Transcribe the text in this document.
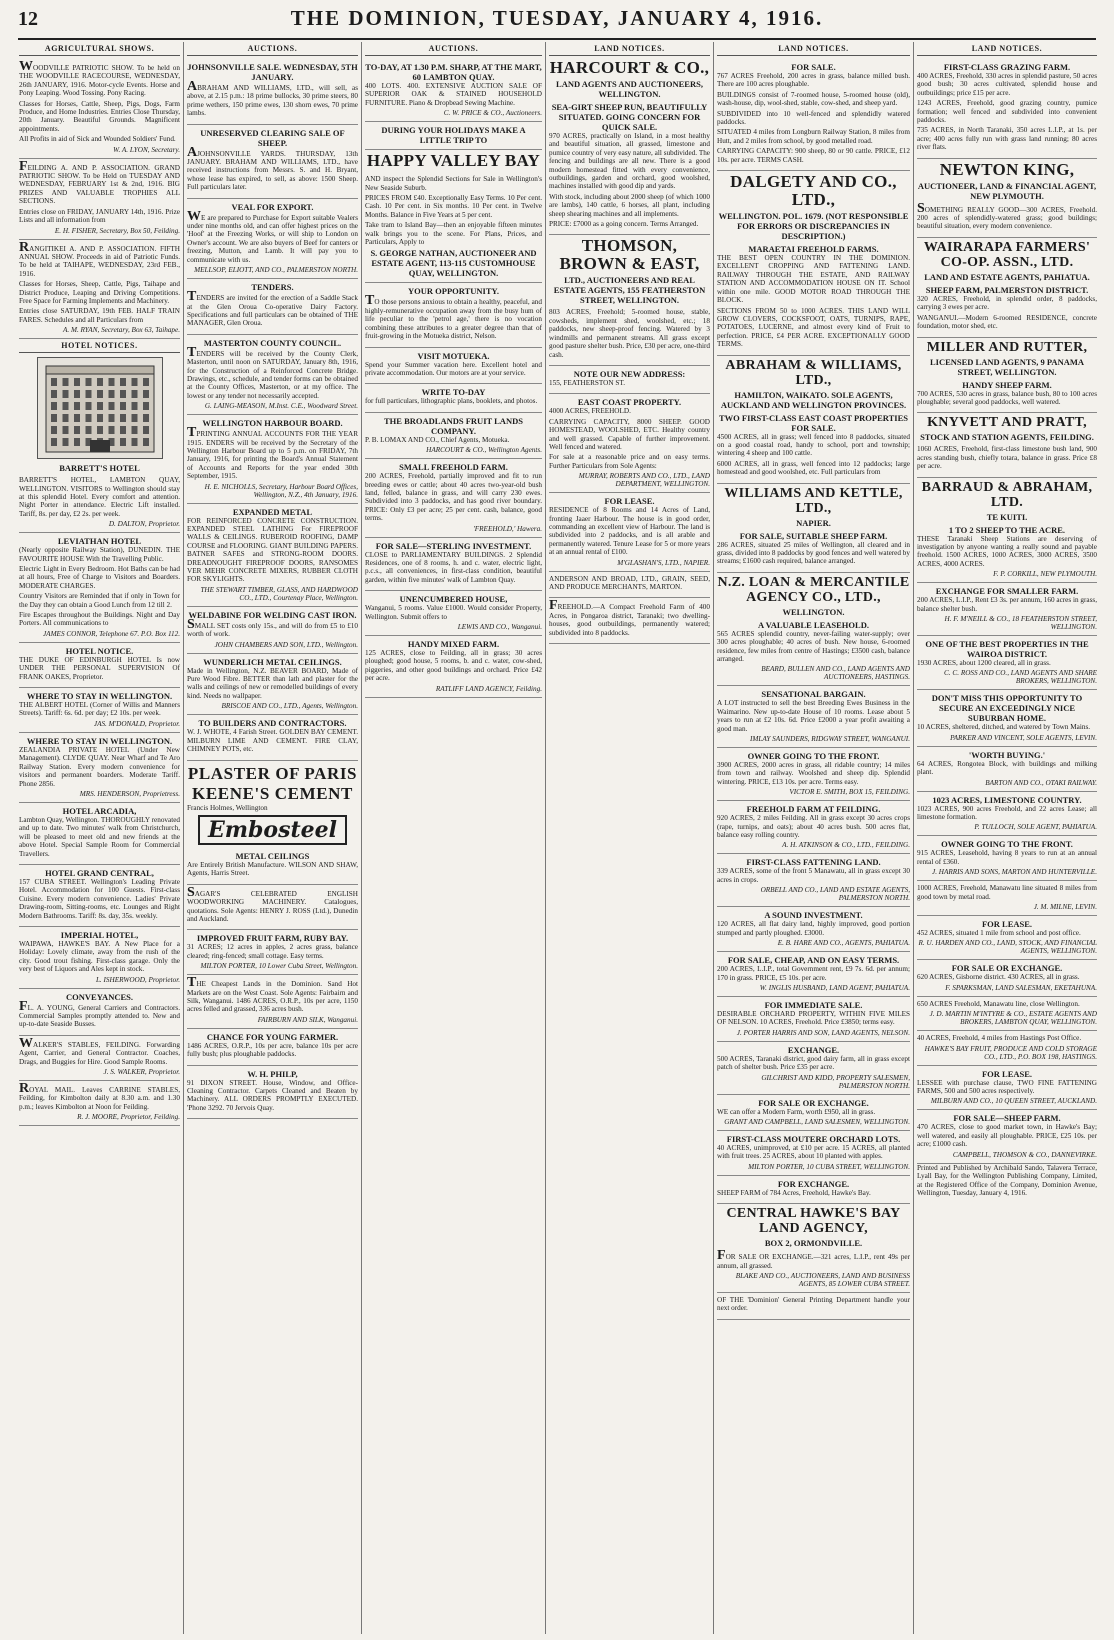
12	THE DOMINION, TUESDAY, JANUARY 4, 1916.
AGRICULTURAL SHOWS.

WOODVILLE PATRIOTIC SHOW. To be held on THE WOODVILLE RACECOURSE, WEDNESDAY, 26th JANUARY, 1916. Motor-cycle Events. Horse and Pony Leaping. Wood Tossing. Pony Racing.

Classes for Horses, Cattle, Sheep, Pigs, Dogs, Farm Produce, and Home Industries. Entries Close Thursday, 20th January. Beautiful Grounds. Magnificent appointments.

All Profits in aid of Sick and Wounded Soldiers' Fund.

W. A. LYON, Secretary.

FEILDING A. AND P. ASSOCIATION. GRAND PATRIOTIC SHOW. To be Held on TUESDAY AND WEDNESDAY, FEBRUARY 1st & 2nd, 1916. BIG PRIZES AND VALUABLE TROPHIES ALL SECTIONS.

Entries close on FRIDAY, JANUARY 14th, 1916. Prize Lists and all information from

E. H. FISHER, Secretary, Box 50, Feilding.

RANGITIKEI A. AND P. ASSOCIATION. FIFTH ANNUAL SHOW. Proceeds in aid of Patriotic Funds. To be held at TAIHAPE, WEDNESDAY, 23rd FEB., 1916.

Classes for Horses, Sheep, Cattle, Pigs, Taihape and District Produce, Leaping and Driving Competitions. Free Space for Farming Implements and Machinery.

Entries close SATURDAY, 19th FEB. HALF TRAIN FARES. Schedules and all Particulars from

A. M. RYAN, Secretary, Box 63, Taihape.
HOTEL NOTICES.
BARRETT'S HOTEL

BARRETT'S HOTEL, LAMBTON QUAY, WELLINGTON. VISITORS to Wellington should stay at this splendid Hotel. Every comfort and attention. Night Porter in attendance. Electric Lift installed. Tariff, 8s. per day, £2 2s. per week.

D. DALTON, Proprietor.
LEVIATHAN HOTEL

(Nearly opposite Railway Station), DUNEDIN. THE FAVOURITE HOUSE With the Travelling Public.

Electric Light in Every Bedroom. Hot Baths can be had at all hours, Free of Charge to Visitors and Boarders. MODERATE CHARGES.

Country Visitors are Reminded that if only in Town for the Day they can obtain a Good Lunch from 12 till 2.

Fire Escapes throughout the Buildings. Night and Day Porters. All communications to

JAMES CONNOR, Telephone 67. P.O. Box 112.
HOTEL NOTICE.

THE DUKE OF EDINBURGH HOTEL Is now UNDER THE PERSONAL SUPERVISION Of FRANK OAKES, Proprietor.

WHERE TO STAY IN WELLINGTON.

THE ALBERT HOTEL (Corner of Willis and Manners Streets). Tariff: 6s. 6d. per day; £2 10s. per week.

JAS. M'DONALD, Proprietor.
WHERE TO STAY IN WELLINGTON.

ZEALANDIA PRIVATE HOTEL (Under New Management). CLYDE QUAY. Near Wharf and Te Aro Railway Station. Every modern convenience for visitors and permanent boarders. Moderate Tariff. Phone 2856.

MRS. HENDERSON, Proprietress.
HOTEL ARCADIA,

Lambton Quay, Wellington. THOROUGHLY renovated and up to date. Two minutes' walk from Christchurch, will be pleased to meet old and new friends at the above Hotel. Special Sample Room for Commercial Travellers.

HOTEL GRAND CENTRAL,

157 CUBA STREET. Wellington's Leading Private Hotel. Accommodation for 100 Guests. First-class Cuisine. Every modern convenience. Ladies' Private Drawing-room, Sitting-rooms, etc. Lounges and Right Modern Bathrooms. Tariff: 8s. day, 35s. weekly.

IMPERIAL HOTEL,

WAIPAWA, HAWKE'S BAY. A New Place for a Holiday: Lovely climate, away from the rush of the city. Good trout fishing. First-class garage. Only the very best of Liquors and Ales kept in stock.

L. ISHERWOOD, Proprietor.
CONVEYANCES.

FL. A. YOUNG, General Carriers and Contractors. Commercial Samples promptly attended to. New and up-to-date Seaside Busses.

WALKER'S STABLES, FEILDING. Forwarding Agent, Carrier, and General Contractor. Coaches, Drags, and Buggies for Hire. Good Sample Rooms.

J. S. WALKER, Proprietor.

ROYAL MAIL. Leaves CARRINE STABLES, Feilding, for Kimbolton daily at 8.30 a.m. and 1.30 p.m.; leaves Kimbolton at Noon for Feilding.

R. J. MOORE, Proprietor, Feilding.
AUCTIONS.
JOHNSONVILLE SALE. WEDNESDAY, 5TH JANUARY.

ABRAHAM AND WILLIAMS, LTD., will sell, as above, at 2.15 p.m.: 18 prime bullocks, 30 prime steers, 80 prime wethers, 150 prime ewes, 130 shorn ewes, 70 prime lambs.

UNRESERVED CLEARING SALE OF SHEEP.

AJOHNSONVILLE YARDS. THURSDAY, 13th JANUARY. BRAHAM AND WILLIAMS, LTD., have received instructions from Messrs. S. and H. Bryant, whose lease has expired, to sell, as above: 1500 Sheep. Full particulars later.

VEAL FOR EXPORT.

WE are prepared to Purchase for Export suitable Vealers under nine months old, and can offer highest prices on the 'Hoof' at the Freezing Works, or will ship to London on Owner's account. We are also buyers of Beef for canters or freezing, Mutton, and Lamb. It will pay you to communicate with us.

MELLSOP, ELIOTT, AND CO., PALMERSTON NORTH.
TENDERS.

TENDERS are invited for the erection of a Saddle Stack at the Glen Oroua Co-operative Dairy Factory. Specifications and full particulars can be obtained of THE MANAGER, Glen Oroua.

MASTERTON COUNTY COUNCIL.

TENDERS will be received by the County Clerk, Masterton, until noon on SATURDAY, January 8th, 1916, for the Construction of a Reinforced Concrete Bridge. Drawings, etc., schedule, and tender forms can be obtained at the County Offices, Masterton, or at my office. The lowest or any tender not necessarily accepted.

G. LAING-MEASON, M.Inst. C.E., Woodward Street.
WELLINGTON HARBOUR BOARD.

TPRINTING ANNUAL ACCOUNTS FOR THE YEAR 1915. ENDERS will be received by the Secretary of the Wellington Harbour Board up to 5 p.m. on FRIDAY, 7th January, 1916, for printing the Board's Annual Statement of Accounts and Reports for the year ended 30th September, 1915.

H. E. NICHOLLS, Secretary, Harbour Board Offices, Wellington, N.Z., 4th January, 1916.
EXPANDED METAL

FOR REINFORCED CONCRETE CONSTRUCTION. EXPANDED STEEL LATHING For FIREPROOF WALLS & CEILINGS. RUBEROID ROOFING, DAMP COURSE and FLOORING. GIANT BUILDING PAPERS. BATNER SAFES and STRONG-ROOM DOORS. DREADNOUGHT FIREPROOF DOORS, RANSOMES VER MEHR CONCRETE MIXERS, RUBBER CLOTH FOR SKYLIGHTS.

THE STEWART TIMBER, GLASS, AND HARDWOOD CO., LTD., Courtenay Place, Wellington.
WELDABINE FOR WELDING CAST IRON.

SMALL SET costs only 15s., and will do from £5 to £10 worth of work.

JOHN CHAMBERS AND SON, LTD., Wellington.
WUNDERLICH METAL CEILINGS.

Made in Wellington, N.Z. BEAVER BOARD, Made of Pure Wood Fibre. BETTER than lath and plaster for the walls and ceilings of new or remodelled buildings of every kind. Needs no wallpaper.

BRISCOE AND CO., LTD., Agents, Wellington.
TO BUILDERS AND CONTRACTORS.

W. J. WHOTE, 4 Farish Street. GOLDEN BAY CEMENT. MILBURN LIME AND CEMENT. FIRE CLAY, CHIMNEY POTS, etc.

PLASTER OF PARIS
KEENE'S CEMENT
Francis Holmes, Wellington
Embosteel
METAL CEILINGS

Are Entirely British Manufacture. WILSON AND SHAW, Agents, Harris Street.

SAGAR'S CELEBRATED ENGLISH WOODWORKING MACHINERY. Catalogues, quotations. Sole Agents: HENRY J. ROSS (Ltd.), Dunedin and Auckland.

IMPROVED FRUIT FARM, RUBY BAY.

31 ACRES; 12 acres in apples, 2 acres grass, balance cleared; ring-fenced; small cottage. Easy terms.

MILTON PORTER, 10 Lower Cuba Street, Wellington.

THE Cheapest Lands in the Dominion. Sand Hot Markets are on the West Coast. Sole Agents: Fairbairn and Silk, Wanganui. 1486 ACRES, O.R.P., 10s per acre, 1150 acres felled and grassed, 336 acres bush.

FAIRBURN AND SILK, Wanganui.
CHANCE FOR YOUNG FARMER.

1486 ACRES, O.R.P., 10s per acre, balance 10s per acre fully bush; plus ploughable paddocks.

W. H. PHILP,

91 DIXON STREET. House, Window, and Office-Cleaning Contractor. Carpets Cleaned and Beaten by Machinery. ALL ORDERS PROMPTLY EXECUTED. 'Phone 3292. 70 Jervois Quay.

AUCTIONS.
TO-DAY, AT 1.30 P.M. SHARP, AT THE MART, 60 LAMBTON QUAY.

400 LOTS. 400. EXTENSIVE AUCTION SALE OF SUPERIOR OAK & STAINED HOUSEHOLD FURNITURE. Piano & Dropbead Sewing Machine.

C. W. PRICE & CO., Auctioneers.
DURING YOUR HOLIDAYS MAKE A LITTLE TRIP TO
HAPPY VALLEY BAY

AND inspect the Splendid Sections for Sale in Wellington's New Seaside Suburb.

PRICES FROM £40. Exceptionally Easy Terms. 10 Per cent. Cash. 10 Per cent. in Six months. 10 Per cent. in Twelve Months. Balance in Five Years at 5 per cent.

Take tram to Island Bay—then an enjoyable fifteen minutes walk brings you to the scene. For Plans, Prices, and Particulars, Apply to

S. GEORGE NATHAN, AUCTIONEER AND ESTATE AGENT, 113-115 CUSTOMHOUSE QUAY, WELLINGTON.
YOUR OPPORTUNITY.

TO those persons anxious to obtain a healthy, peaceful, and highly-remunerative occupation away from the busy hum of life peculiar to the 'petrol age,' there is no vocation combining these attributes to a greater degree than that of fruit-growing in the Motueka district, Nelson.

VISIT MOTUEKA.

Spend your Summer vacation here. Excellent hotel and private accommodation. Our motors are at your service.

WRITE TO-DAY

for full particulars, lithographic plans, booklets, and photos.

THE BROADLANDS FRUIT LANDS COMPANY.

P. B. LOMAX AND CO., Chief Agents, Motueka.

HARCOURT & CO., Wellington Agents.
SMALL FREEHOLD FARM.

200 ACRES, Freehold, partially improved and fit to run breeding ewes or cattle; about 40 acres two-year-old bush land, felled, balance in grass, and will carry 230 ewes. Subdivided into 3 paddocks, and has good river boundary. PRICE: Only £3 per acre; 25 per cent. cash, balance, good terms.

'FREEHOLD,' Hawera.
FOR SALE—STERLING INVESTMENT.

CLOSE to PARLIAMENTARY BUILDINGS. 2 Splendid Residences, one of 8 rooms, h. and c. water, electric light, p.c.s., all conveniences, in first-class condition, beautiful garden, within five minutes' walk of Lambton Quay.

UNENCUMBERED HOUSE,

Wanganui, 5 rooms. Value £1000. Would consider Property, Wellington. Submit offers to

LEWIS AND CO., Wanganui.
HANDY MIXED FARM.

125 ACRES, close to Feilding, all in grass; 30 acres ploughed; good house, 5 rooms, b. and c. water, cow-shed, piggeries, and other good buildings and orchard. Price £42 per acre.

RATLIFF LAND AGENCY, Feilding.
LAND NOTICES.
HARCOURT & CO.,
LAND AGENTS AND AUCTIONEERS, WELLINGTON.
SEA-GIRT SHEEP RUN, BEAUTIFULLY SITUATED. GOING CONCERN FOR QUICK SALE.

970 ACRES, practically on Island, in a most healthy and beautiful situation, all grassed, limestone and pumice country of very easy nature, all subdivided. The fencing and buildings are all new. There is a good modern homestead fitted with every convenience, outbuildings, garden and orchard, good woolshed, machines installed with good dip and yards.

With stock, including about 2000 sheep (of which 1000 are lambs), 140 cattle, 6 horses, all plant, including sheep shearing machines and all implements.

PRICE: £7000 as a going concern. Terms Arranged.

THOMSON, BROWN & EAST,
LTD., AUCTIONEERS AND REAL ESTATE AGENTS, 155 FEATHERSTON STREET, WELLINGTON.

803 ACRES, Freehold; 5-roomed house, stable, cowsheds, implement shed, woolshed, etc.; 18 paddocks, new sheep-proof fencing. Watered by 3 windmills and permanent streams. All grass except good pasture shelter bush. Price, £30 per acre, one-third cash.

NOTE OUR NEW ADDRESS:

155, FEATHERSTON ST.

EAST COAST PROPERTY.

4000 ACRES, FREEHOLD.

CARRYING CAPACITY, 8000 SHEEP. GOOD HOMESTEAD, WOOLSHED, ETC. Healthy country and well grassed. Capable of further improvement. Well fenced and watered.

For sale at a reasonable price and on easy terms. Further Particulars from Sole Agents:

MURRAY, ROBERTS AND CO., LTD., LAND DEPARTMENT, WELLINGTON.
FOR LEASE.

RESIDENCE of 8 Rooms and 14 Acres of Land, fronting Jaaer Harbour. The house is in good order, commanding an excellent view of Harbour. The land is subdivided into 2 paddocks, and is all arable and permanently watered. Tenure Lease for 5 or more years at an annual rental of £100.

M'GLASHAN'S, LTD., NAPIER.

ANDERSON AND BROAD, LTD., GRAIN, SEED, AND PRODUCE MERCHANTS, MARTON.

FREEHOLD.—A Compact Freehold Farm of 400 Acres, in Pongaroa district, Taranaki; two dwelling-houses, good outbuildings, permanently watered; subdivided into 8 paddocks.

LAND NOTICES.
FOR SALE.

767 ACRES Freehold, 200 acres in grass, balance milled bush. There are 100 acres ploughable.

BUILDINGS consist of 7-roomed house, 5-roomed house (old), wash-house, dip, wool-shed, stable, cow-shed, and sheep yard.

SUBDIVIDED into 10 well-fenced and splendidly watered paddocks.

SITUATED 4 miles from Longburn Railway Station, 8 miles from Hutt, and 2 miles from school, by good metalled road.

CARRYING CAPACITY: 900 sheep, 80 or 90 cattle. PRICE, £12 10s. per acre. TERMS CASH.

DALGETY AND CO., LTD.,
WELLINGTON. POL. 1679. (NOT RESPONSIBLE FOR ERRORS OR DISCREPANCIES IN DESCRIPTION.)
MARAETAI FREEHOLD FARMS.

THE BEST OPEN COUNTRY IN THE DOMINION. EXCELLENT CROPPING AND FATTENING LAND. RAILWAY THROUGH THE ESTATE, AND RAILWAY STATION AND ACCOMMODATION HOUSE ON IT. School within one mile. GOOD MOTOR ROAD THROUGH THE BLOCK.

SECTIONS FROM 50 to 1000 ACRES. THIS LAND WILL GROW CLOVERS, COCKSFOOT, OATS, TURNIPS, RAPE, POTATOES, LUCERNE, and almost every kind of Fruit to perfection. PRICE, £4 PER ACRE. EXCEPTIONALLY GOOD TERMS.

ABRAHAM & WILLIAMS, LTD.,
HAMILTON, WAIKATO. SOLE AGENTS, AUCKLAND AND WELLINGTON PROVINCES.
TWO FIRST-CLASS EAST COAST PROPERTIES FOR SALE.

4500 ACRES, all in grass; well fenced into 8 paddocks, situated on a good coastal road, handy to school, port and township; wintering 4 sheep and 100 cattle.

6000 ACRES, all in grass, well fenced into 12 paddocks; large homestead and good woolshed, etc. Full particulars from

WILLIAMS AND KETTLE, LTD.,
NAPIER.
FOR SALE, SUITABLE SHEEP FARM.

286 ACRES, situated 25 miles of Wellington, all cleared and in grass, divided into 8 paddocks by good fences and well watered by streams; £1600 cash required, balance arranged.

N.Z. LOAN & MERCANTILE AGENCY CO., LTD.,
WELLINGTON.
A VALUABLE LEASEHOLD.

565 ACRES splendid country, never-failing water-supply; over 300 acres ploughable; 40 acres of bush. New house, 6-roomed residence, few miles from centre of Hastings; £3500 cash, balance arranged.

BEARD, BULLEN AND CO., LAND AGENTS AND AUCTIONEERS, HASTINGS.
SENSATIONAL BARGAIN.

A LOT instructed to sell the best Breeding Ewes Business in the Waimarino. New up-to-date House of 10 rooms. Lease about 5 years to run at £2 10s. 6d. Price £2000 a year profit awaiting a good man.

IMLAY SAUNDERS, RIDGWAY STREET, WANGANUI.
OWNER GOING TO THE FRONT.

3900 ACRES, 2000 acres in grass, all ridable country; 14 miles from town and railway. Woolshed and sheep dip. Splendid wintering. PRICE, £13 10s. per acre. Terms easy.

VICTOR E. SMITH, BOX 15, FEILDING.
FREEHOLD FARM AT FEILDING.

920 ACRES, 2 miles Feilding. All in grass except 30 acres crops (rape, turnips, and oats); about 40 acres bush. 500 acres flat, balance easy rolling country.

A. H. ATKINSON & CO., LTD., FEILDING.
FIRST-CLASS FATTENING LAND.

339 ACRES, some of the front 5 Manawatu, all in grass except 30 acres in crops.

ORBELL AND CO., LAND AND ESTATE AGENTS, PALMERSTON NORTH.
A SOUND INVESTMENT.

120 ACRES, all flat dairy land, highly improved, good portion stumped and partly ploughed. £3000.

E. B. HARE AND CO., AGENTS, PAHIATUA.
FOR SALE, CHEAP, AND ON EASY TERMS.

200 ACRES, L.I.P., total Government rent, £9 7s. 6d. per annum; 170 in grass. PRICE, £5 10s. per acre.

W. INGLIS HUSBAND, LAND AGENT, PAHIATUA.
FOR IMMEDIATE SALE.

DESIRABLE ORCHARD PROPERTY, WITHIN FIVE MILES OF NELSON. 10 ACRES, Freehold. Price £3850; terms easy.

J. PORTER HARRIS AND SON, LAND AGENTS, NELSON.
EXCHANGE.

500 ACRES, Taranaki district, good dairy farm, all in grass except patch of shelter bush. Price £35 per acre.

GILCHRIST AND KIDD, PROPERTY SALESMEN, PALMERSTON NORTH.
FOR SALE OR EXCHANGE.

WE can offer a Modern Farm, worth £950, all in grass.

GRANT AND CAMPBELL, LAND SALESMEN, WELLINGTON.
FIRST-CLASS MOUTERE ORCHARD LOTS.

40 ACRES, unimproved, at £10 per acre. 15 ACRES, all planted with fruit trees. 25 ACRES, about 10 planted with apples.

MILTON PORTER, 10 CUBA STREET, WELLINGTON.
FOR EXCHANGE.

SHEEP FARM of 784 Acres, Freehold, Hawke's Bay.

CENTRAL HAWKE'S BAY LAND AGENCY,
BOX 2, ORMONDVILLE.

FOR SALE OR EXCHANGE.—321 acres, L.I.P., rent 49s per annum, all grassed.

BLAKE AND CO., AUCTIONEERS, LAND AND BUSINESS AGENTS, 85 LOWER CUBA STREET.

OF THE 'Dominion' General Printing Department handle your next order.

LAND NOTICES.
FIRST-CLASS GRAZING FARM.

400 ACRES, Freehold, 330 acres in splendid pasture, 50 acres good bush; 30 acres cultivated, splendid house and outbuildings; price £15 per acre.

1243 ACRES, Freehold, good grazing country, pumice formation; well fenced and subdivided into convenient paddocks.

735 ACRES, in North Taranaki, 350 acres L.I.P., at 1s. per acre; 400 acres fully run with grass land running; 80 acres river flats.

NEWTON KING,
AUCTIONEER, LAND & FINANCIAL AGENT, NEW PLYMOUTH.

SOMETHING REALLY GOOD—300 ACRES, Freehold. 200 acres of splendidly-watered grass; good buildings; beautiful situation, every modern convenience.

WAIRARAPA FARMERS' CO-OP. ASSN., LTD.
LAND AND ESTATE AGENTS, PAHIATUA.
SHEEP FARM, PALMERSTON DISTRICT.

320 ACRES, Freehold, in splendid order, 8 paddocks, carrying 3 ewes per acre.

WANGANUI.—Modern 6-roomed RESIDENCE, concrete foundation, motor shed, etc.

MILLER AND RUTTER,
LICENSED LAND AGENTS, 9 PANAMA STREET, WELLINGTON.
HANDY SHEEP FARM.

700 ACRES, 530 acres in grass, balance bush, 80 to 100 acres ploughable; several good paddocks, well watered.

KNYVETT AND PRATT,
STOCK AND STATION AGENTS, FEILDING.

1060 ACRES, Freehold, first-class limestone bush land, 900 acres standing bush, chiefly totara, balance in grass. Price £8 per acre.

BARRAUD & ABRAHAM, LTD.
TE KUITI.
1 TO 2 SHEEP TO THE ACRE.

THESE Taranaki Sheep Stations are deserving of investigation by anyone wanting a really sound and payable freehold. 1500 ACRES, 1000 ACRES, 3000 ACRES, 3500 ACRES, 4000 ACRES.

F. P. CORKILL, NEW PLYMOUTH.
EXCHANGE FOR SMALLER FARM.

200 ACRES, L.I.P., Rent £3 3s. per annum, 160 acres in grass, balance shelter bush.

H. F. M'NEILL & CO., 18 FEATHERSTON STREET, WELLINGTON.
ONE OF THE BEST PROPERTIES IN THE WAIROA DISTRICT.

1930 ACRES, about 1200 cleared, all in grass.

C. C. ROSS AND CO., LAND AGENTS AND SHARE BROKERS, WELLINGTON.
DON'T MISS THIS OPPORTUNITY TO SECURE AN EXCEEDINGLY NICE SUBURBAN HOME.

10 ACRES, sheltered, ditched, and watered by Town Mains.

PARKER AND VINCENT, SOLE AGENTS, LEVIN.
'WORTH BUYING.'

64 ACRES, Rongotea Block, with buildings and milking plant.

BARTON AND CO., OTAKI RAILWAY.
1023 ACRES, LIMESTONE COUNTRY.

1023 ACRES, 900 acres Freehold, and 22 acres Lease; all limestone formation.

P. TULLOCH, SOLE AGENT, PAHIATUA.
OWNER GOING TO THE FRONT.

915 ACRES, Leasehold, having 8 years to run at an annual rental of £360.

J. HARRIS AND SONS, MARTON AND HUNTERVILLE.

1000 ACRES, Freehold, Manawatu line situated 8 miles from good town by metal road.

J. M. MILNE, LEVIN.
FOR LEASE.

452 ACRES, situated 1 mile from school and post office.

R. U. HARDEN AND CO., LAND, STOCK, AND FINANCIAL AGENTS, WELLINGTON.
FOR SALE OR EXCHANGE.

620 ACRES, Gisborne district. 430 ACRES, all in grass.

F. SPARKSMAN, LAND SALESMAN, EKETAHUNA.

650 ACRES Freehold, Manawatu line, close Wellington.

J. D. MARTIN M'INTYRE & CO., ESTATE AGENTS AND BROKERS, LAMBTON QUAY, WELLINGTON.

40 ACRES, Freehold, 4 miles from Hastings Post Office.

HAWKE'S BAY FRUIT, PRODUCE AND COLD STORAGE CO., LTD., P.O. BOX 198, HASTINGS.
FOR LEASE.

LESSEE with purchase clause, TWO FINE FATTENING FARMS, 500 and 500 acres respectively.

MILBURN AND CO., 10 QUEEN STREET, AUCKLAND.
FOR SALE—SHEEP FARM.

470 ACRES, close to good market town, in Hawke's Bay; well watered, and easily all ploughable. PRICE, £25 10s. per acre; £1000 cash.

CAMPBELL, THOMSON & CO., DANNEVIRKE.
Printed and Published by Archibald Sando, Talavera Terrace, Lyall Bay, for the Wellington Publishing Company, Limited, at the Registered Office of the Company, Dominion Avenue, Wellington, Tuesday, January 4, 1916.
